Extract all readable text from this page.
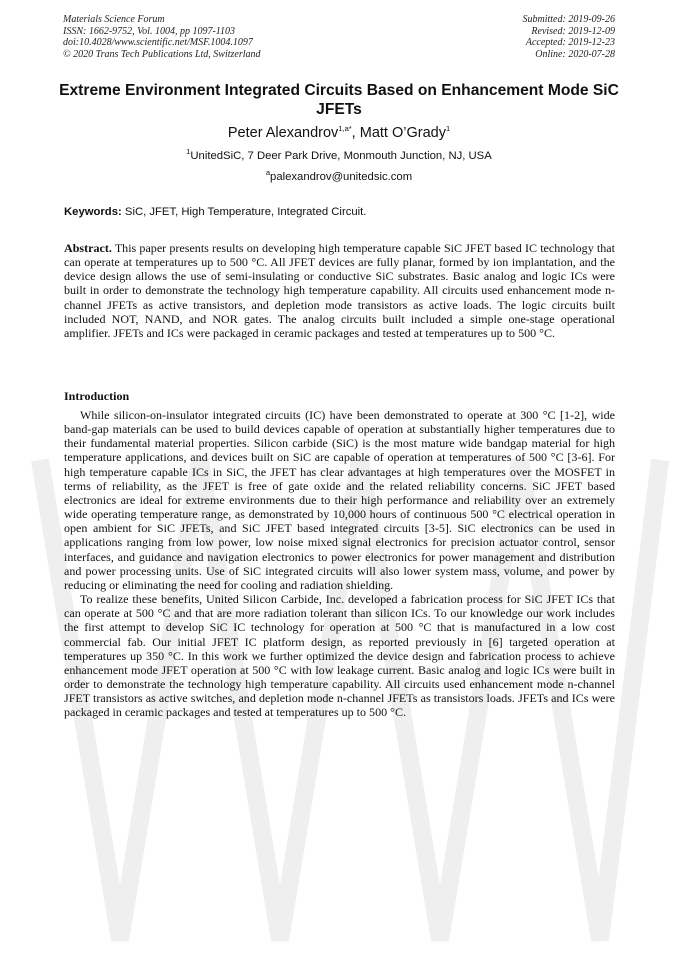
Materials Science Forum
ISSN: 1662-9752, Vol. 1004, pp 1097-1103
doi:10.4028/www.scientific.net/MSF.1004.1097
© 2020 Trans Tech Publications Ltd, Switzerland
Submitted: 2019-09-26
Revised: 2019-12-09
Accepted: 2019-12-23
Online: 2020-07-28
Extreme Environment Integrated Circuits Based on Enhancement Mode SiC JFETs
Peter Alexandrov$^{1,a*}$, Matt O’Grady$^1$
$^1$UnitedSiC, 7 Deer Park Drive, Monmouth Junction, NJ, USA
$^a$palexandrov@unitedsic.com
Keywords: SiC, JFET, High Temperature, Integrated Circuit.
Abstract. This paper presents results on developing high temperature capable SiC JFET based IC technology that can operate at temperatures up to 500 °C. All JFET devices are fully planar, formed by ion implantation, and the device design allows the use of semi-insulating or conductive SiC substrates. Basic analog and logic ICs were built in order to demonstrate the technology high temperature capability. All circuits used enhancement mode n-channel JFETs as active transistors, and depletion mode transistors as active loads. The logic circuits built included NOT, NAND, and NOR gates. The analog circuits built included a simple one-stage operational amplifier. JFETs and ICs were packaged in ceramic packages and tested at temperatures up to 500 °C.
Introduction

While silicon-on-insulator integrated circuits (IC) have been demonstrated to operate at 300 °C [1-2], wide band-gap materials can be used to build devices capable of operation at substantially higher temperatures due to their fundamental material properties. Silicon carbide (SiC) is the most mature wide bandgap material for high temperature applications, and devices built on SiC are capable of operation at temperatures of 500 °C [3-6]. For high temperature capable ICs in SiC, the JFET has clear advantages at high temperatures over the MOSFET in terms of reliability, as the JFET is free of gate oxide and the related reliability concerns. SiC JFET based electronics are ideal for extreme environments due to their high performance and reliability over an extremely wide operating temperature range, as demonstrated by 10,000 hours of continuous 500 °C electrical operation in open ambient for SiC JFETs, and SiC JFET based integrated circuits [3-5]. SiC electronics can be used in applications ranging from low power, low noise mixed signal electronics for precision actuator control, sensor interfaces, and guidance and navigation electronics to power electronics for power management and distribution and power processing units. Use of SiC integrated circuits will also lower system mass, volume, and power by reducing or eliminating the need for cooling and radiation shielding.

To realize these benefits, United Silicon Carbide, Inc. developed a fabrication process for SiC JFET ICs that can operate at 500 °C and that are more radiation tolerant than silicon ICs. To our knowledge our work includes the first attempt to develop SiC IC technology for operation at 500 °C that is manufactured in a low cost commercial fab. Our initial JFET IC platform design, as reported previously in [6] targeted operation at temperatures up 350 °C. In this work we further optimized the device design and fabrication process to achieve enhancement mode JFET operation at 500 °C with low leakage current. Basic analog and logic ICs were built in order to demonstrate the technology high temperature capability. All circuits used enhancement mode n-channel JFET transistors as active switches, and depletion mode n-channel JFETs as transistors loads. JFETs and ICs were packaged in ceramic packages and tested at temperatures up to 500 °C.
